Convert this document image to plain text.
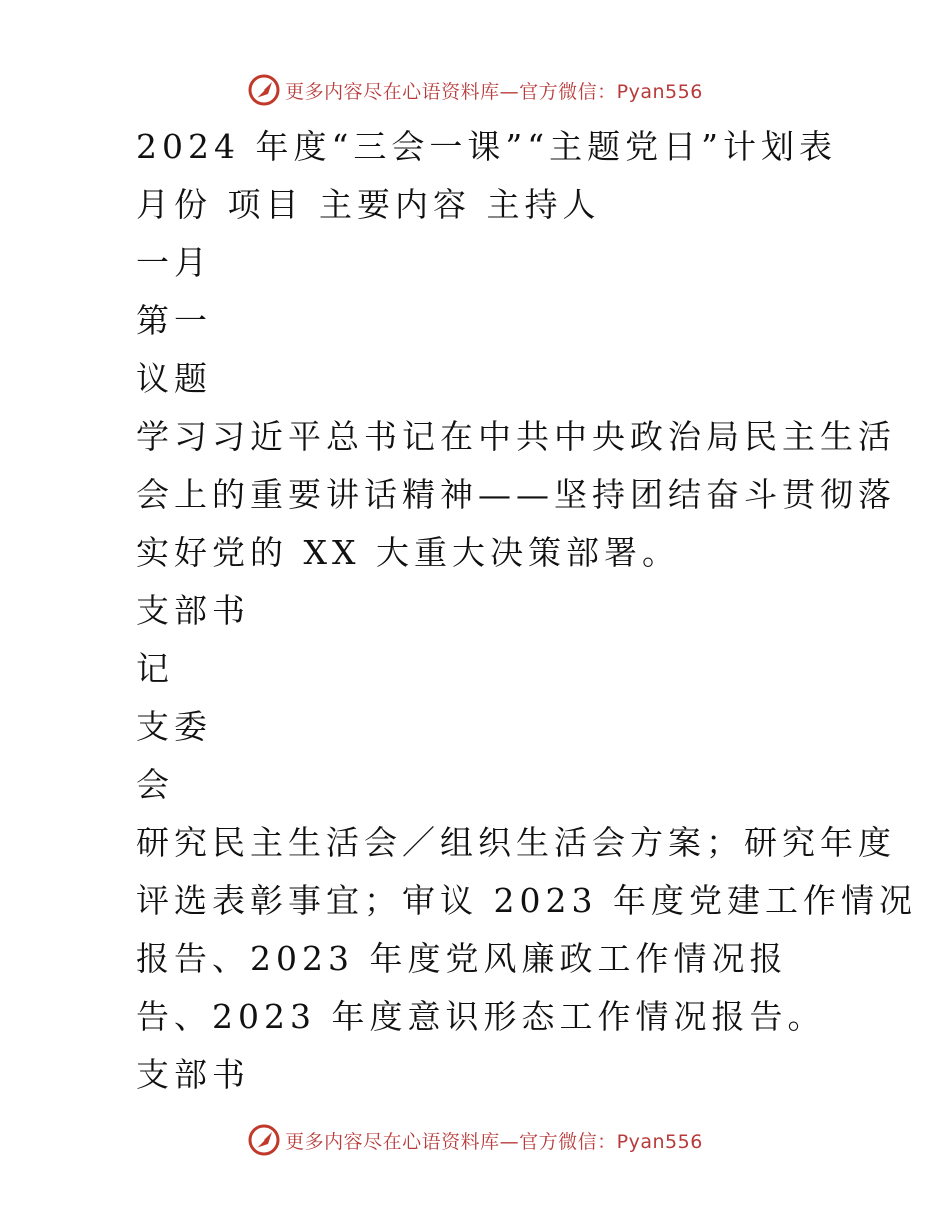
更多内容尽在心语资料库—官方微信：Pyan556
2024 年度“三会一课”“主题党日”计划表
月份 项目 主要内容 主持人
一月
第一
议题
学习习近平总书记在中共中央政治局民主生活
会上的重要讲话精神——坚持团结奋斗贯彻落
实好党的 XX 大重大决策部署。
支部书
记
支委
会
研究民主生活会／组织生活会方案；研究年度
评选表彰事宜；审议 2023 年度党建工作情况
报告、2023 年度党风廉政工作情况报
告、2023 年度意识形态工作情况报告。
支部书
更多内容尽在心语资料库—官方微信：Pyan556
